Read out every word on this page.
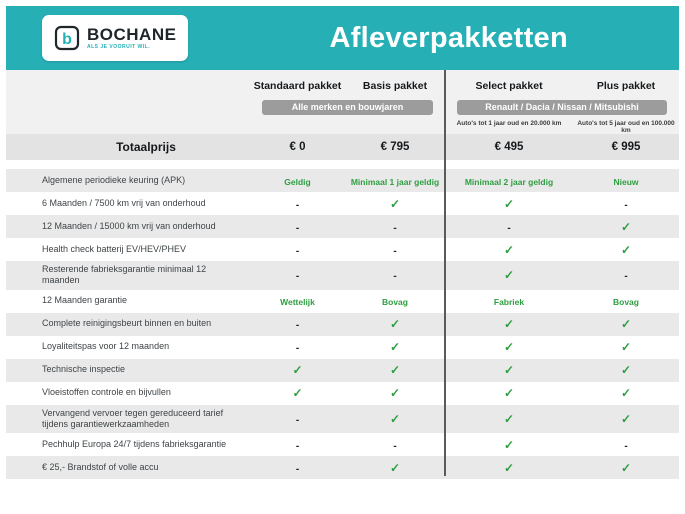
b BOCHANE
ALS JE VOORUIT WIL.	Afleverpakketten
Standaard pakket	Basis pakket	Select pakket	Plus pakket
Alle merken en bouwjaren	Renault / Dacia / Nissan / Mitsubishi
Auto's tot 1 jaar oud en 20.000 km	Auto's tot 5 jaar oud en 100.000 km
Totaalprijs	€ 0	€ 795	€ 495	€ 995
Algemene periodieke keuring (APK)	Geldig	Minimaal 1 jaar geldig	Minimaal 2 jaar geldig	Nieuw
6 Maanden / 7500 km vrij van onderhoud	-	✓	✓	-
12 Maanden / 15000 km vrij van onderhoud	-	-	-	✓
Health check batterij EV/HEV/PHEV	-	-	✓	✓
Resterende fabrieksgarantie minimaal 12 maanden	-	-	✓	-
12 Maanden garantie	Wettelijk	Bovag	Fabriek	Bovag
Complete reinigingsbeurt binnen en buiten	-	✓	✓	✓
Loyaliteitspas voor 12 maanden	-	✓	✓	✓
Technische inspectie	✓	✓	✓	✓
Vloeistoffen controle en bijvullen	✓	✓	✓	✓
Vervangend vervoer tegen gereduceerd tarief tijdens garantiewerkzaamheden	-	✓	✓	✓
Pechhulp Europa 24/7 tijdens fabrieksgarantie	-	-	✓	-
€ 25,- Brandstof of volle accu	-	✓	✓	✓
